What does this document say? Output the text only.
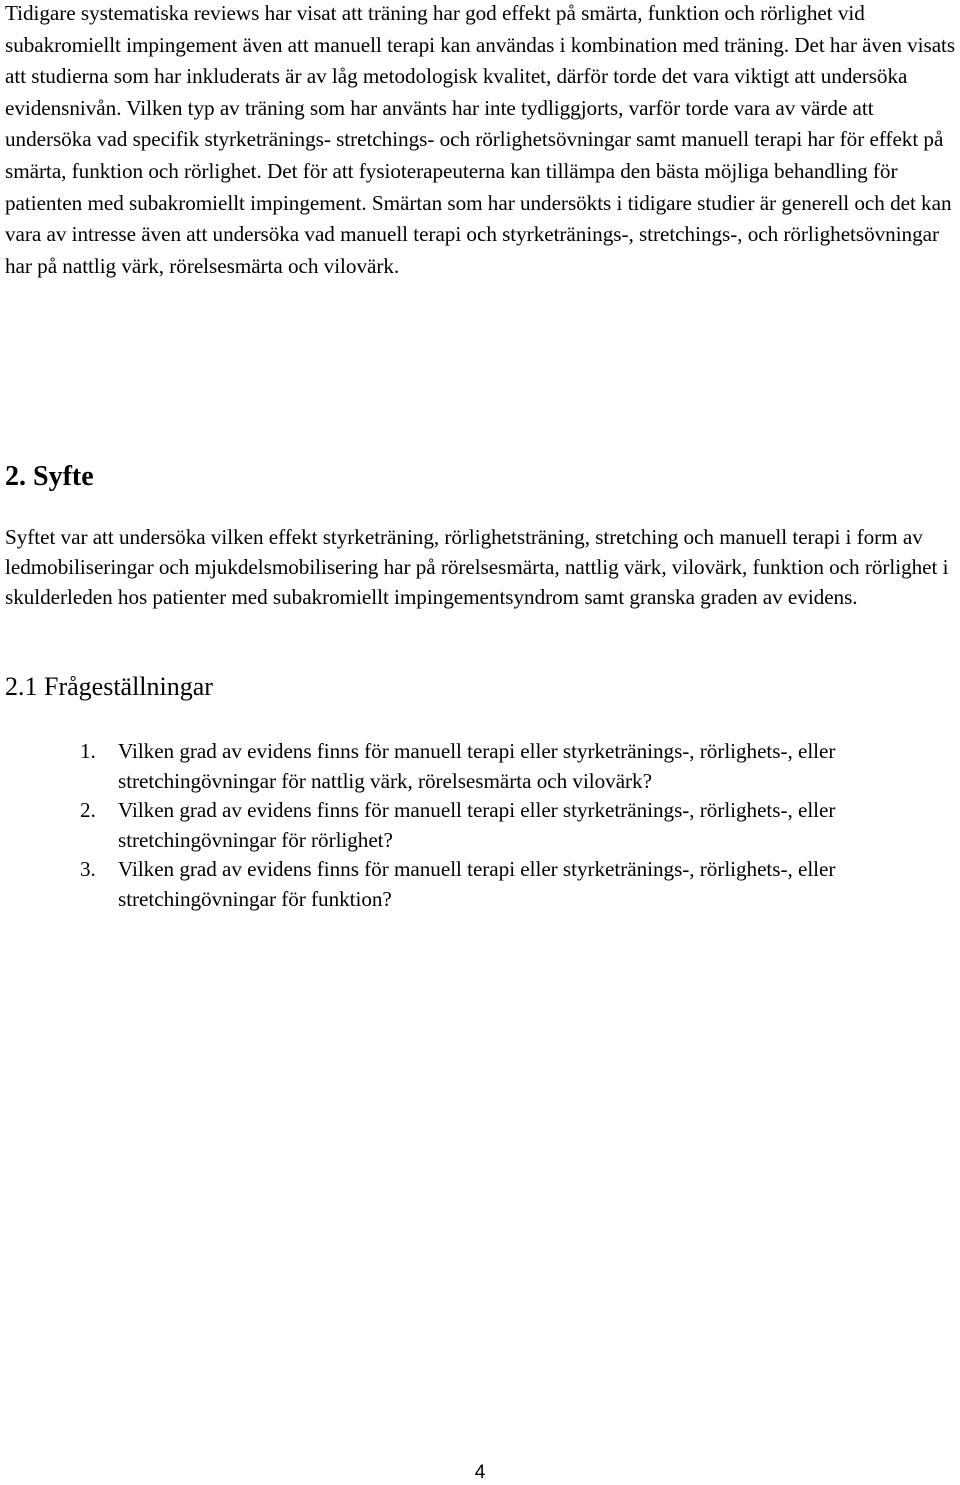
Tidigare systematiska reviews har visat att träning har god effekt på smärta, funktion och rörlighet vid subakromiellt impingement även att manuell terapi kan användas i kombination med träning. Det har även visats att studierna som har inkluderats är av låg metodologisk kvalitet, därför torde det vara viktigt att undersöka evidensnivån. Vilken typ av träning som har använts har inte tydliggjorts, varför torde vara av värde att undersöka vad specifik styrketränings- stretchings- och rörlighetsövningar samt manuell terapi har för effekt på smärta, funktion och rörlighet. Det för att fysioterapeuterna kan tillämpa den bästa möjliga behandling för patienten med subakromiellt impingement. Smärtan som har undersökts i tidigare studier är generell och det kan vara av intresse även att undersöka vad manuell terapi och styrketränings-, stretchings-, och rörlighetsövningar har på nattlig värk, rörelsesmärta och vilovärk.

2. Syfte

Syftet var att undersöka vilken effekt styrketräning, rörlighetsträning, stretching och manuell terapi i form av ledmobiliseringar och mjukdelsmobilisering har på rörelsesmärta, nattlig värk, vilovärk, funktion och rörlighet i skulderleden hos patienter med subakromiellt impingementsyndrom samt granska graden av evidens.

2.1 Frågeställningar
1. Vilken grad av evidens finns för manuell terapi eller styrketränings-, rörlighets-, eller stretchingövningar för nattlig värk, rörelsesmärta och vilovärk?
2. Vilken grad av evidens finns för manuell terapi eller styrketränings-, rörlighets-, eller stretchingövningar för rörlighet?
3. Vilken grad av evidens finns för manuell terapi eller styrketränings-, rörlighets-, eller stretchingövningar för funktion?
4
